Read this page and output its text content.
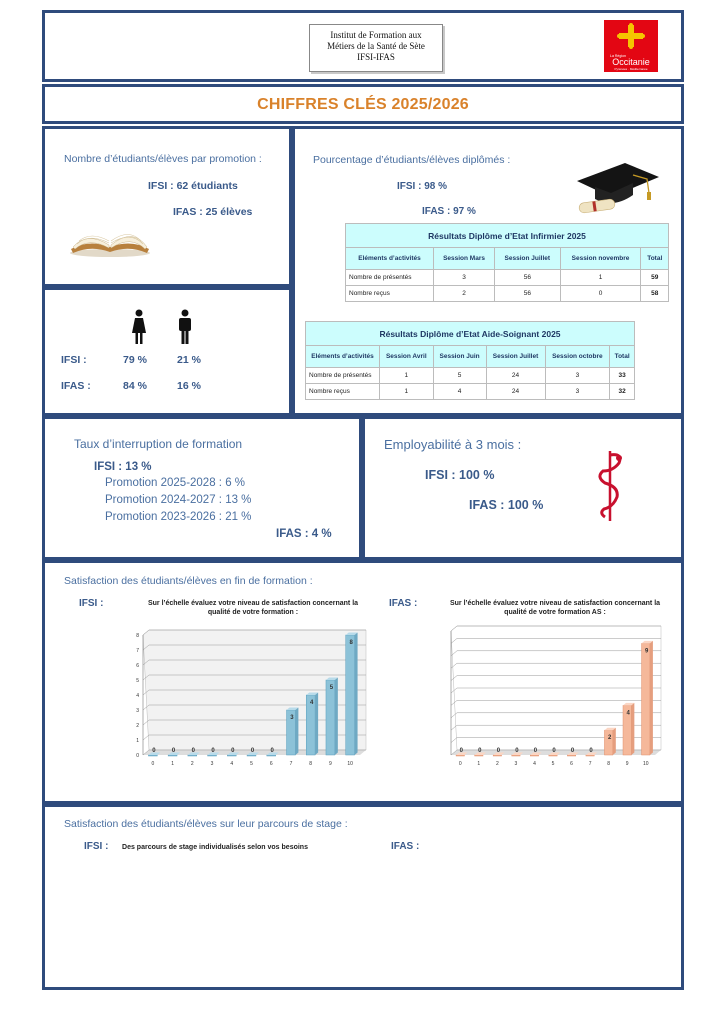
Institut de Formation aux
Métiers de la Santé de Sète
IFSI-IFAS	La Région
Occitanie
Pyrénées · Méditerranée
CHIFFRES CLÉS 2025/2026
Nombre d’étudiants/élèves par promotion :
IFSI : 62 étudiants
IFAS : 25 élèves
IFSI :	79 %	21 %
IFAS :	84 %	16 %
Pourcentage d’étudiants/élèves diplômés :
IFSI : 98 %
IFAS : 97 %
Résultats Diplôme d’Etat Infirmier 2025				
Eléments d’activités	Session Mars	Session Juillet	Session novembre	Total
Nombre de présentés	3	56	1	59
Nombre reçus	2	56	0	58
Résultats Diplôme d’Etat Aide-Soignant 2025					
Eléments d’activités	Session Avril	Session Juin	Session Juillet	Session octobre	Total
Nombre de présentés	1	5	24	3	33
Nombre reçus	1	4	24	3	32
Taux d’interruption de formation
IFSI : 13 %
Promotion 2025-2028 : 6 %
Promotion 2024-2027 : 13 %
Promotion 2023-2026 : 21 %
IFAS : 4 %
Employabilité à 3 mois :
IFSI : 100 %
IFAS : 100 %
Satisfaction des étudiants/élèves en fin de formation :
IFSI :	IFAS :
Sur l’échelle évaluez votre niveau de satisfaction concernant la qualité de votre formation :
0
1
2
3
4
5
6
7
8
0
0
0
1
0
2
0
3
0
4
0
5
0
6
3
7
4
8
5
9
8
10
Sur l’échelle évaluez votre niveau de satisfaction concernant la qualité de votre formation AS :
0
0
0
1
0
2
0
3
0
4
0
5
0
6
0
7
2
8
4
9
9
10
Satisfaction des étudiants/élèves sur leur parcours de stage :
IFSI :	IFAS :
Des parcours de stage individualisés selon vos besoins
